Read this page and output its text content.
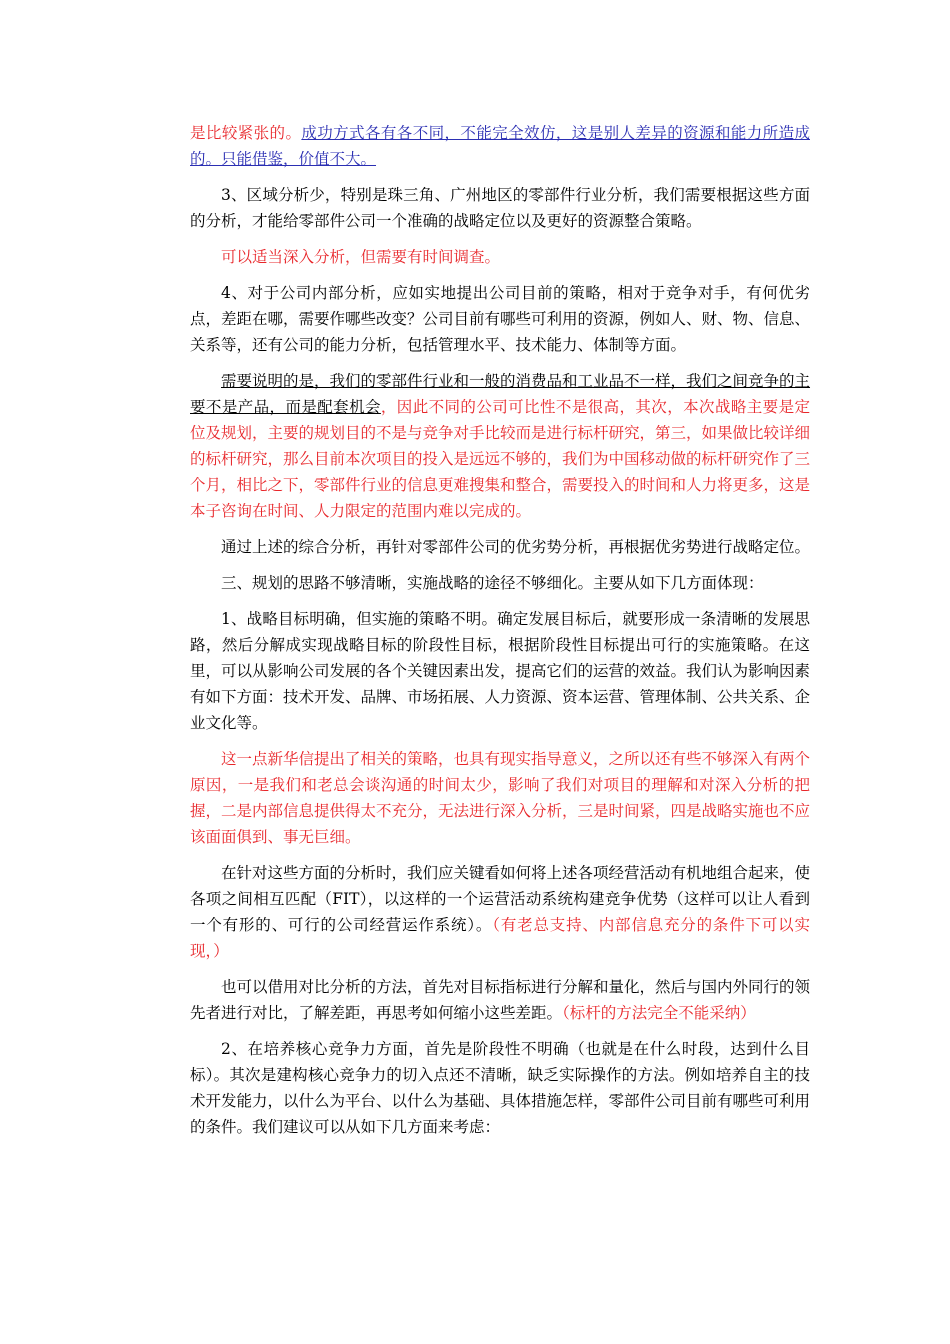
是比较紧张的。成功方式各有各不同，不能完全效仿，这是别人差异的资源和能力所造成的。只能借鉴，价值不大。

3、区域分析少，特别是珠三角、广州地区的零部件行业分析，我们需要根据这些方面的分析，才能给零部件公司一个准确的战略定位以及更好的资源整合策略。

可以适当深入分析，但需要有时间调查。

4、对于公司内部分析，应如实地提出公司目前的策略，相对于竞争对手，有何优劣点，差距在哪，需要作哪些改变？公司目前有哪些可利用的资源，例如人、财、物、信息、关系等，还有公司的能力分析，包括管理水平、技术能力、体制等方面。

需要说明的是，我们的零部件行业和一般的消费品和工业品不一样，我们之间竞争的主要不是产品，而是配套机会，因此不同的公司可比性不是很高，其次，本次战略主要是定位及规划，主要的规划目的不是与竞争对手比较而是进行标杆研究，第三，如果做比较详细的标杆研究，那么目前本次项目的投入是远远不够的，我们为中国移动做的标杆研究作了三个月，相比之下，零部件行业的信息更难搜集和整合，需要投入的时间和人力将更多，这是本子咨询在时间、人力限定的范围内难以完成的。

通过上述的综合分析，再针对零部件公司的优劣势分析，再根据优劣势进行战略定位。

三、规划的思路不够清晰，实施战略的途径不够细化。主要从如下几方面体现：

1、战略目标明确，但实施的策略不明。确定发展目标后，就要形成一条清晰的发展思路，然后分解成实现战略目标的阶段性目标，根据阶段性目标提出可行的实施策略。在这里，可以从影响公司发展的各个关键因素出发，提高它们的运营的效益。我们认为影响因素有如下方面：技术开发、品牌、市场拓展、人力资源、资本运营、管理体制、公共关系、企业文化等。

这一点新华信提出了相关的策略，也具有现实指导意义，之所以还有些不够深入有两个原因，一是我们和老总会谈沟通的时间太少，影响了我们对项目的理解和对深入分析的把握，二是内部信息提供得太不充分，无法进行深入分析，三是时间紧，四是战略实施也不应该面面俱到、事无巨细。

在针对这些方面的分析时，我们应关键看如何将上述各项经营活动有机地组合起来，使各项之间相互匹配（FIT），以这样的一个运营活动系统构建竞争优势（这样可以让人看到一个有形的、可行的公司经营运作系统）。（有老总支持、内部信息充分的条件下可以实现，）

也可以借用对比分析的方法，首先对目标指标进行分解和量化，然后与国内外同行的领先者进行对比，了解差距，再思考如何缩小这些差距。（标杆的方法完全不能采纳）

2、在培养核心竞争力方面，首先是阶段性不明确（也就是在什么时段，达到什么目标）。其次是建构核心竞争力的切入点还不清晰，缺乏实际操作的方法。例如培养自主的技术开发能力，以什么为平台、以什么为基础、具体措施怎样，零部件公司目前有哪些可利用的条件。我们建议可以从如下几方面来考虑：
